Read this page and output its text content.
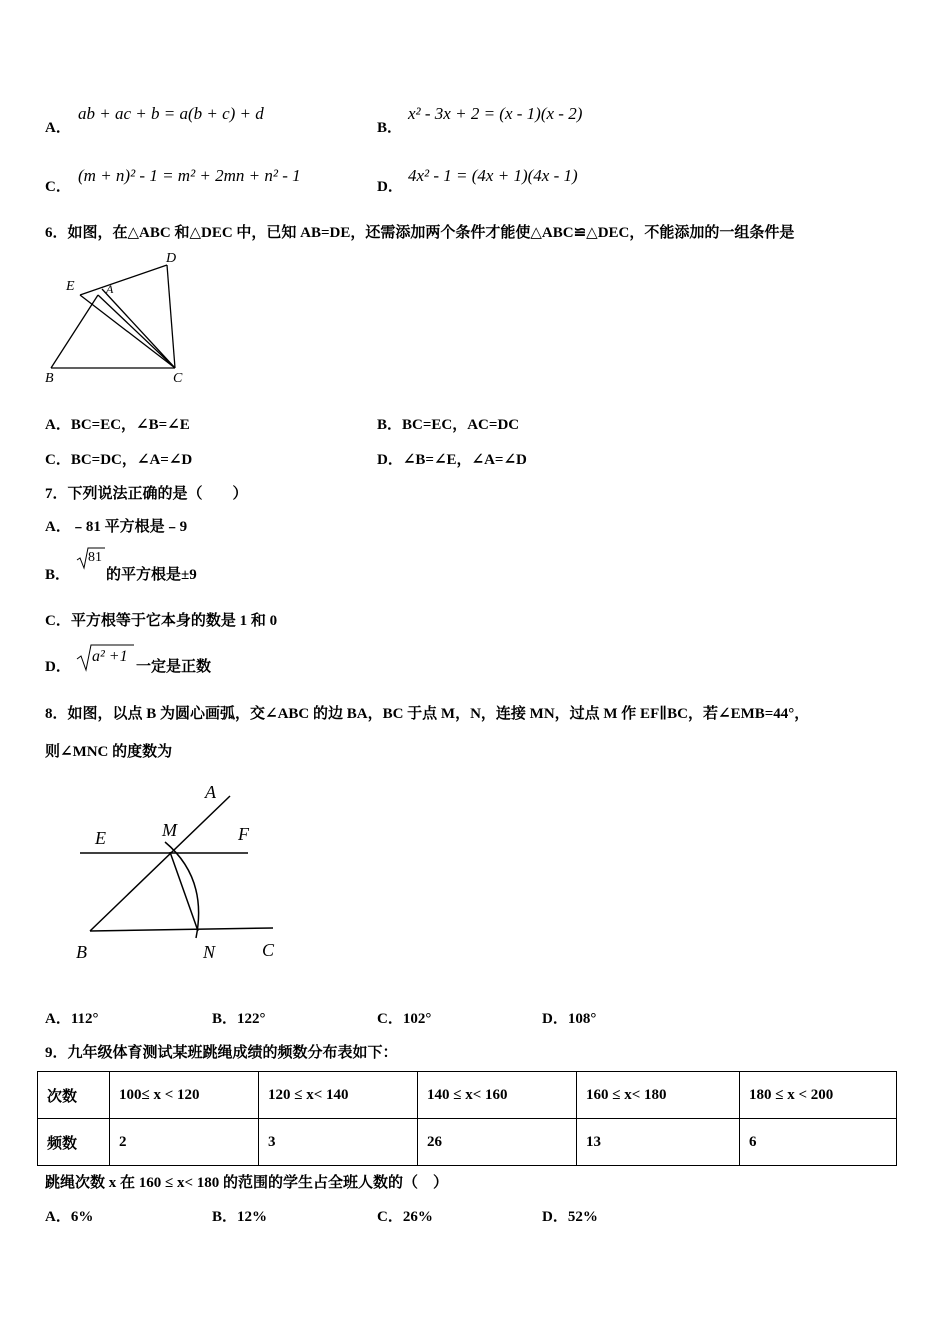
A．
ab + ac + b = a(b + c) + d
B．
x² - 3x + 2 = (x - 1)(x - 2)
C．
(m + n)² - 1 = m² + 2mn + n² - 1
D．
4x² - 1 = (4x + 1)(4x - 1)
6．如图，在△ABC 和△DEC 中，已知 AB=DE，还需添加两个条件才能使△ABC≌△DEC，不能添加的一组条件是
D
E	A
B	C
A．BC=EC，∠B=∠E	B．BC=EC，AC=DC
C．BC=DC，∠A=∠D	D．∠B=∠E，∠A=∠D
7．下列说法正确的是（　　）
A．﹣81 平方根是﹣9
B．
81
的平方根是±9
C．平方根等于它本身的数是 1 和 0
D．
a² +1
一定是正数
8．如图，以点 B 为圆心画弧，交∠ABC 的边 BA，BC 于点 M，N，连接 MN，过点 M 作 EF∥BC，若∠EMB=44°，
则∠MNC 的度数为
A
E	M	F
B	N	C
A．112°	B．122°	C．102°	D．108°
9．九年级体育测试某班跳绳成绩的频数分布表如下：
次数	100≤ x < 120	120 ≤ x< 140	140 ≤ x< 160	160 ≤ x< 180	180 ≤ x < 200
频数	2	3	26	13	6
跳绳次数 x 在 160 ≤ x< 180 的范围的学生占全班人数的（　）
A．6%	B．12%	C．26%	D．52%
